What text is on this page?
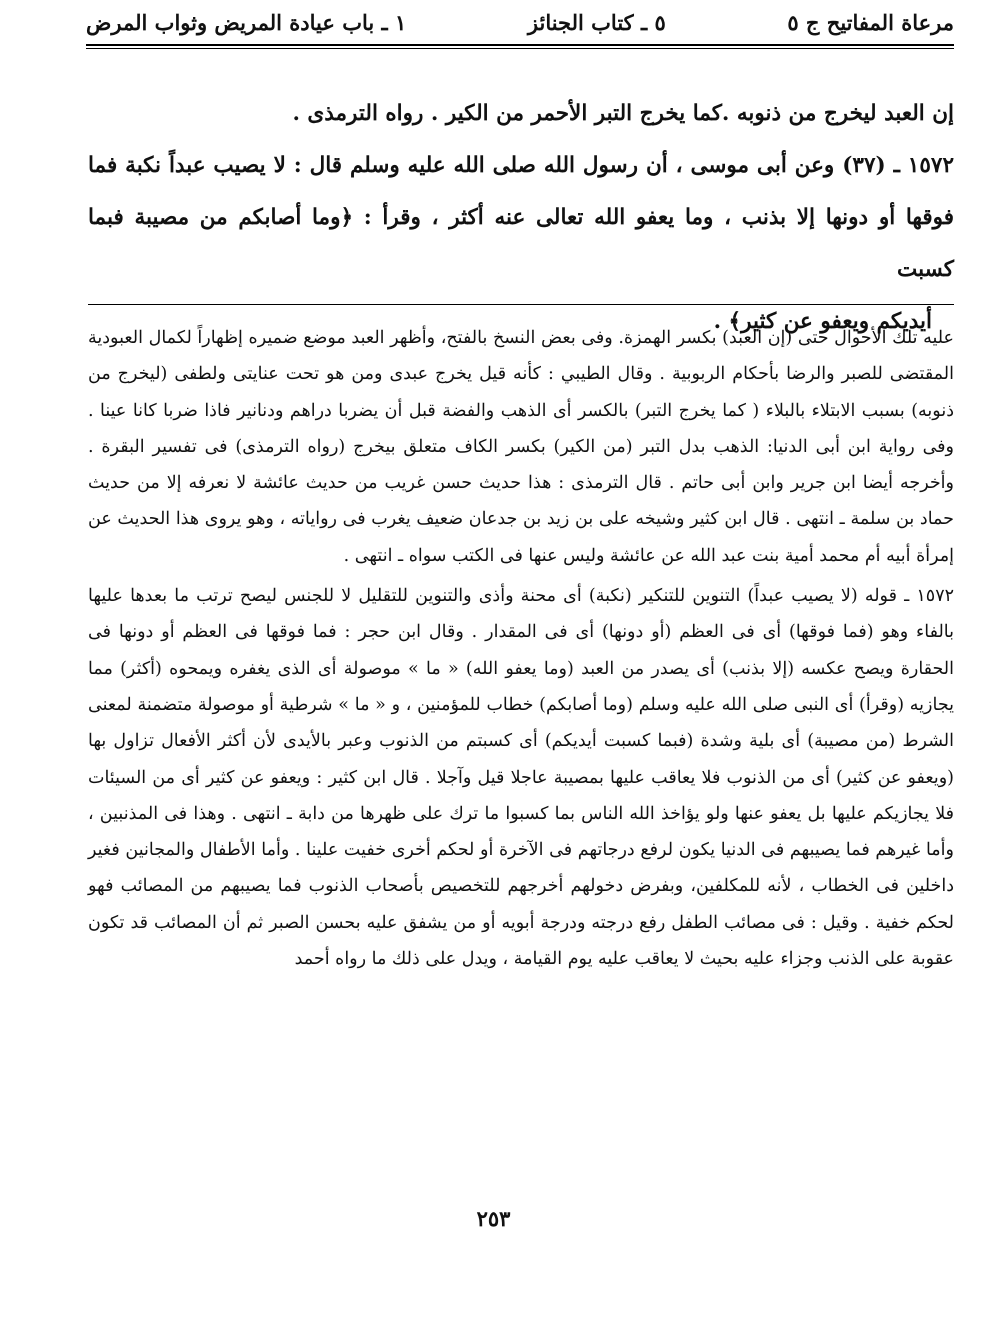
مرعاة المفاتيح ج ٥
٥ ـ كتاب الجنائز
١ ـ باب عيادة المريض وثواب المرض

إن العبد ليخرج من ذنوبه .كما يخرج التبر الأحمر من الكير . رواه الترمذى .

١٥٧٢ ـ (٣٧) وعن أبى موسى ، أن رسول الله صلى الله عليه وسلم قال : لا يصيب عبداً نكبة فما فوقها أو دونها إلا بذنب ، وما يعفو الله تعالى عنه أكثر ، وقرأ : ﴿وما أصابكم من مصيبة فبما كسبت

أيديكم ويعفو عن كثير﴾ .

عليه تلك الأحوال حتى (إن العبد) بكسر الهمزة. وفى بعض النسخ بالفتح، وأظهر العبد موضع ضميره إظهاراً لكمال العبودية المقتضى للصبر والرضا بأحكام الربوبية . وقال الطيبي : كأنه قيل يخرج عبدى ومن هو تحت عنايتى ولطفى (ليخرج من ذنوبه) بسبب الابتلاء بالبلاء ( كما يخرج التبر) بالكسر أى الذهب والفضة قبل أن يضربا دراهم ودنانير فاذا ضربا كانا عينا . وفى رواية ابن أبى الدنيا: الذهب بدل التبر (من الكير) بكسر الكاف متعلق بيخرج (رواه الترمذى) فى تفسير البقرة . وأخرجه أيضا ابن جرير وابن أبى حاتم . قال الترمذى : هذا حديث حسن غريب من حديث عائشة لا نعرفه إلا من حديث حماد بن سلمة ـ انتهى . قال ابن كثير وشيخه على بن زيد بن جدعان ضعيف يغرب فى رواياته ، وهو يروى هذا الحديث عن إمرأة أبيه أم محمد أمية بنت عبد الله عن عائشة وليس عنها فى الكتب سواه ـ انتهى .

١٥٧٢ ـ قوله (لا يصيب عبداً) التنوين للتنكير (نكبة) أى محنة وأذى والتنوين للتقليل لا للجنس ليصح ترتب ما بعدها عليها بالفاء وهو (فما فوقها) أى فى العظم (أو دونها) أى فى المقدار . وقال ابن حجر : فما فوقها فى العظم أو دونها فى الحقارة ويصح عكسه (إلا بذنب) أى يصدر من العبد (وما يعفو الله) « ما » موصولة أى الذى يغفره ويمحوه (أكثر) مما يجازيه (وقرأ) أى النبى صلى الله عليه وسلم (وما أصابكم) خطاب للمؤمنين ، و « ما » شرطية أو موصولة متضمنة لمعنى الشرط (من مصيبة) أى بلية وشدة (فبما كسبت أيديكم) أى كسبتم من الذنوب وعبر بالأيدى لأن أكثر الأفعال تزاول بها (ويعفو عن كثير) أى من الذنوب فلا يعاقب عليها بمصيبة عاجلا قيل وآجلا . قال ابن كثير : ويعفو عن كثير أى من السيئات فلا يجازيكم عليها بل يعفو عنها ولو يؤاخذ الله الناس بما كسبوا ما ترك على ظهرها من دابة ـ انتهى . وهذا فى المذنبين ، وأما غيرهم فما يصيبهم فى الدنيا يكون لرفع درجاتهم فى الآخرة أو لحكم أخرى خفيت علينا . وأما الأطفال والمجانين فغير داخلين فى الخطاب ، لأنه للمكلفين، وبفرض دخولهم أخرجهم للتخصيص بأصحاب الذنوب فما يصيبهم من المصائب فهو لحكم خفية . وقيل : فى مصائب الطفل رفع درجته ودرجة أبويه أو من يشفق عليه بحسن الصبر ثم أن المصائب قد تكون عقوبة على الذنب وجزاء عليه بحيث لا يعاقب عليه يوم القيامة ، ويدل على ذلك ما رواه أحمد

٢٥٣
